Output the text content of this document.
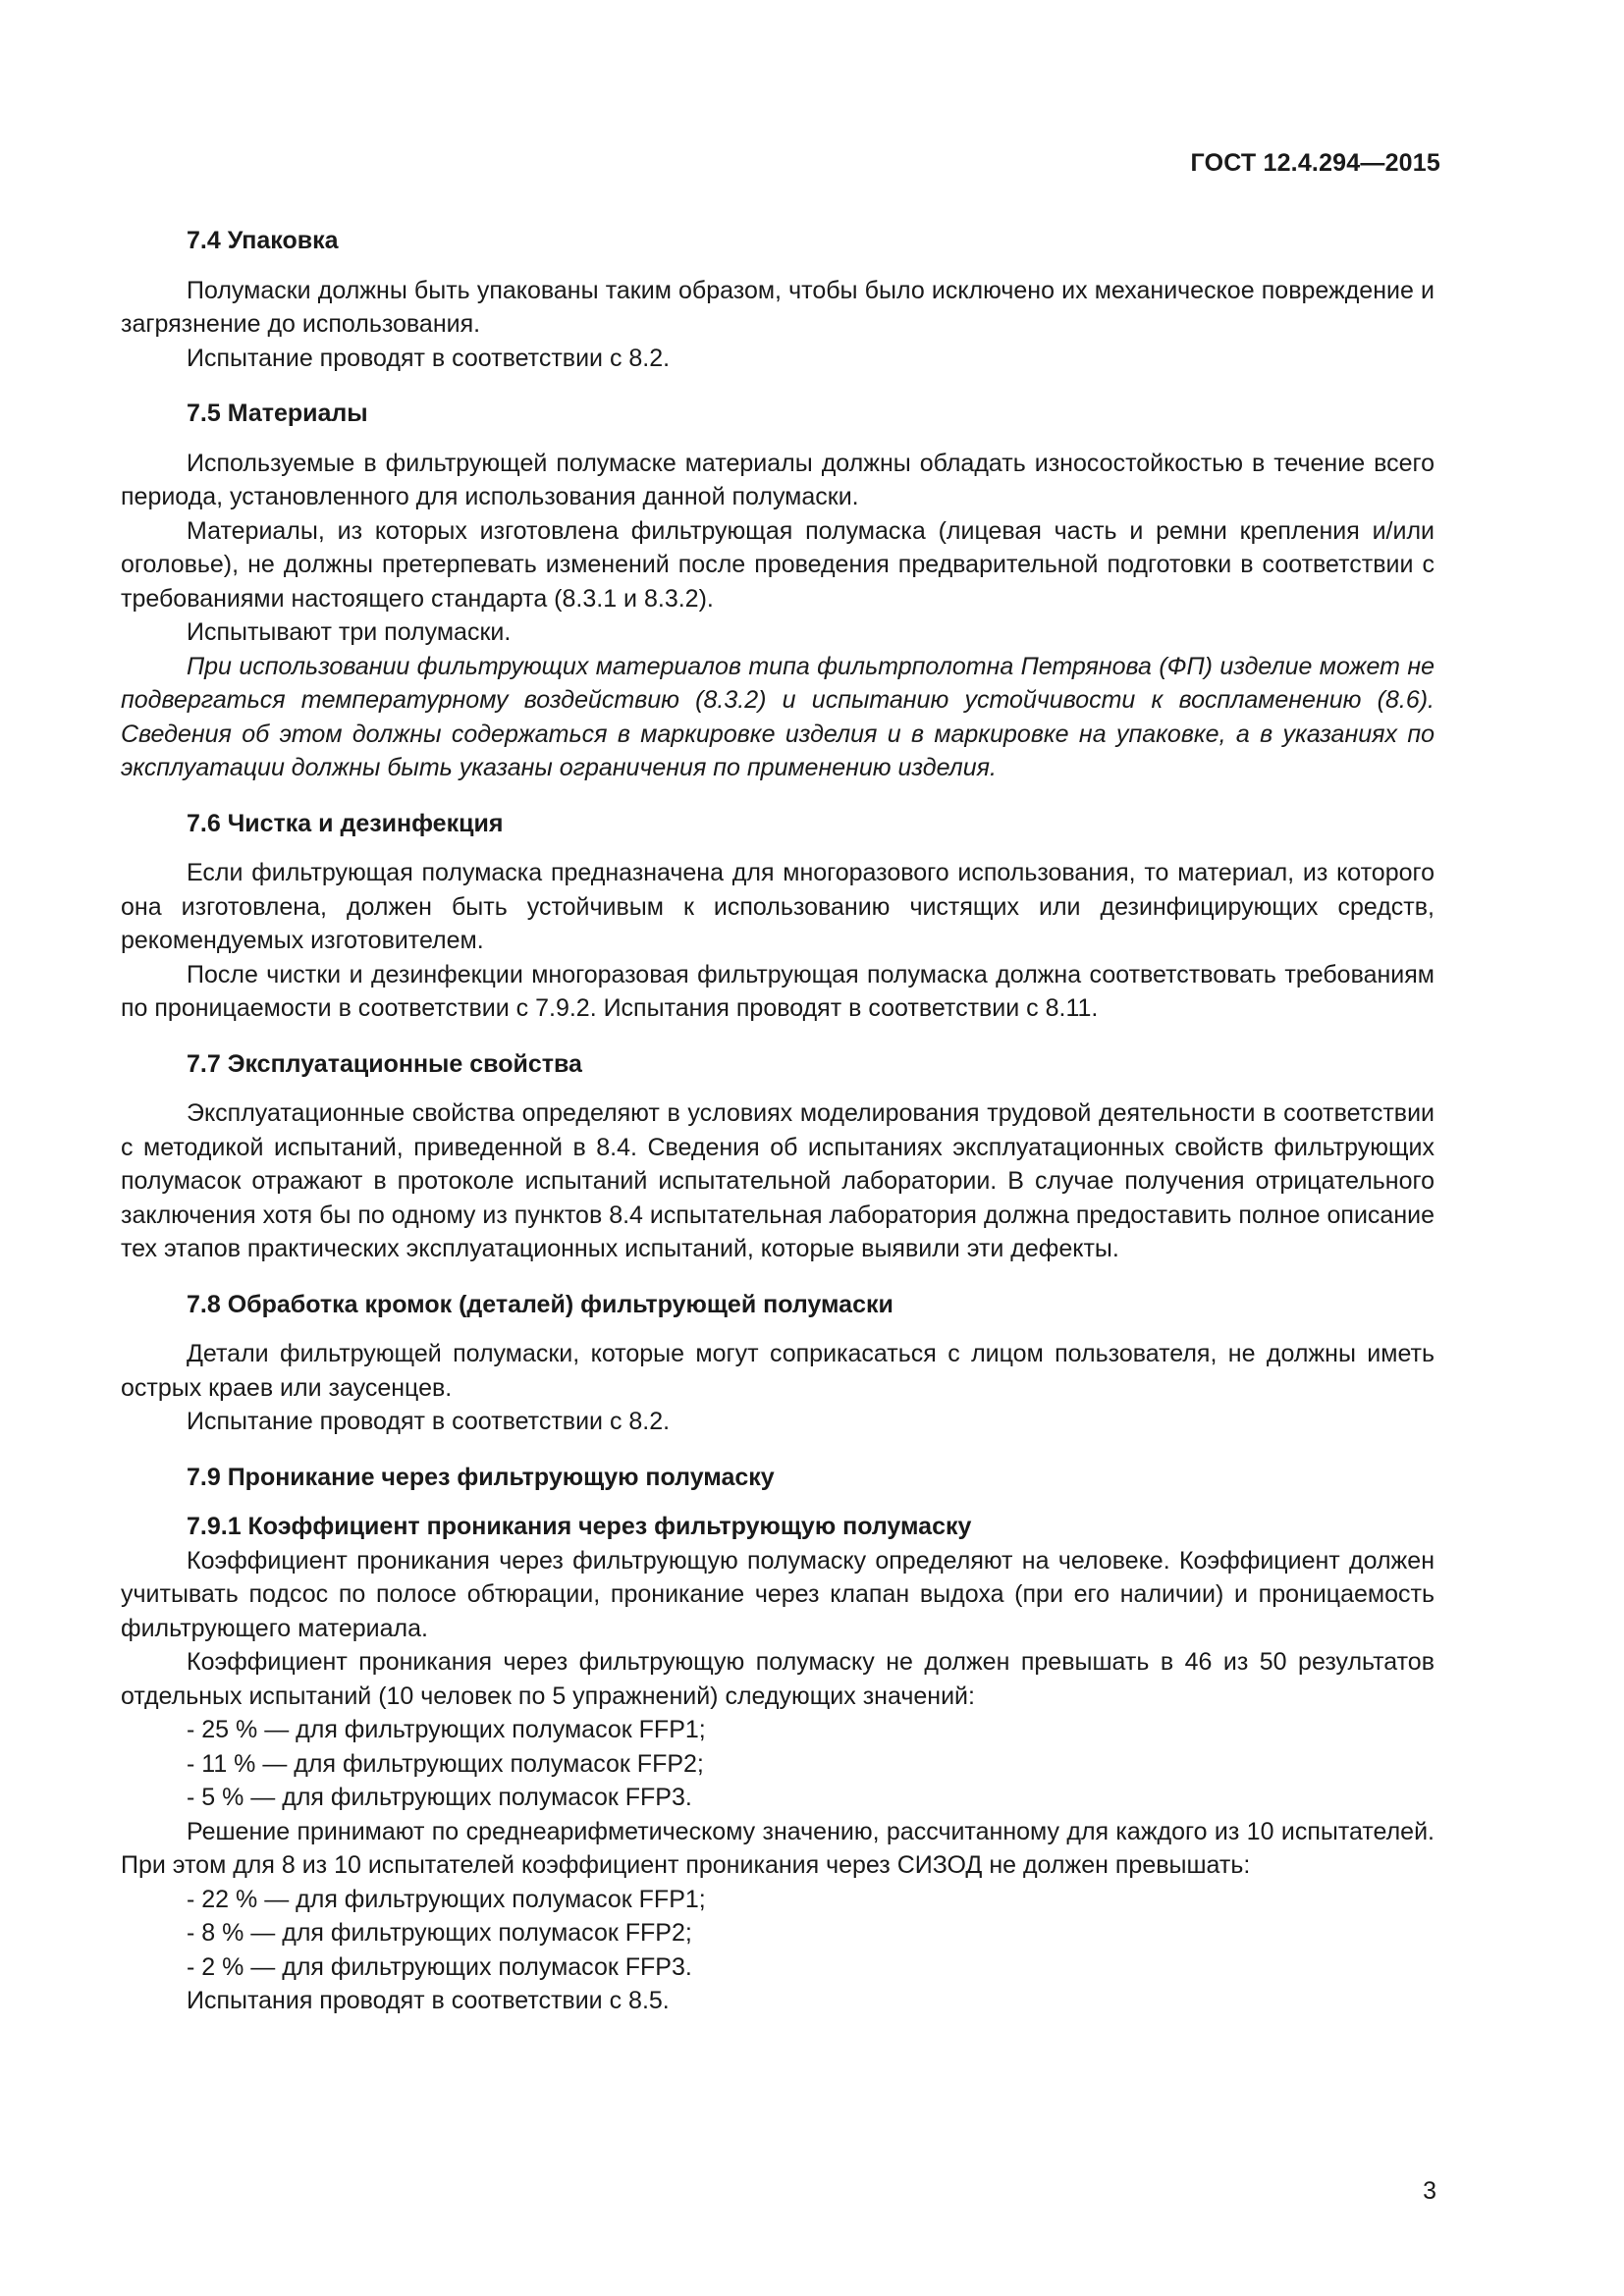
ГОСТ 12.4.294—2015
7.4 Упаковка

Полумаски должны быть упакованы таким образом, чтобы было исключено их механическое повреждение и загрязнение до использования.

Испытание проводят в соответствии с 8.2.

7.5 Материалы

Используемые в фильтрующей полумаске материалы должны обладать износостойкостью в течение всего периода, установленного для использования данной полумаски.

Материалы, из которых изготовлена фильтрующая полумаска (лицевая часть и ремни крепления и/или оголовье), не должны претерпевать изменений после проведения предварительной подготовки в соответствии с требованиями настоящего стандарта (8.3.1 и 8.3.2).

Испытывают три полумаски.

При использовании фильтрующих материалов типа фильтрполотна Петрянова (ФП) изделие может не подвергаться температурному воздействию (8.3.2) и испытанию устойчивости к воспламенению (8.6). Сведения об этом должны содержаться в маркировке изделия и в маркировке на упаковке, а в указаниях по эксплуатации должны быть указаны ограничения по применению изделия.

7.6 Чистка и дезинфекция

Если фильтрующая полумаска предназначена для многоразового использования, то материал, из которого она изготовлена, должен быть устойчивым к использованию чистящих или дезинфицирующих средств, рекомендуемых изготовителем.

После чистки и дезинфекции многоразовая фильтрующая полумаска должна соответствовать требованиям по проницаемости в соответствии с 7.9.2. Испытания проводят в соответствии с 8.11.

7.7 Эксплуатационные свойства

Эксплуатационные свойства определяют в условиях моделирования трудовой деятельности в соответствии с методикой испытаний, приведенной в 8.4. Сведения об испытаниях эксплуатационных свойств фильтрующих полумасок отражают в протоколе испытаний испытательной лаборатории. В случае получения отрицательного заключения хотя бы по одному из пунктов 8.4 испытательная лаборатория должна предоставить полное описание тех этапов практических эксплуатационных испытаний, которые выявили эти дефекты.

7.8 Обработка кромок (деталей) фильтрующей полумаски

Детали фильтрующей полумаски, которые могут соприкасаться с лицом пользователя, не должны иметь острых краев или заусенцев.

Испытание проводят в соответствии с 8.2.

7.9 Проникание через фильтрующую полумаску
7.9.1 Коэффициент проникания через фильтрующую полумаску

Коэффициент проникания через фильтрующую полумаску определяют на человеке. Коэффициент должен учитывать подсос по полосе обтюрации, проникание через клапан выдоха (при его наличии) и проницаемость фильтрующего материала.

Коэффициент проникания через фильтрующую полумаску не должен превышать в 46 из 50 результатов отдельных испытаний (10 человек по 5 упражнений) следующих значений:

- 25 % — для фильтрующих полумасок FFP1;
- 11 % — для фильтрующих полумасок FFP2;
- 5 % — для фильтрующих полумасок FFP3.

Решение принимают по среднеарифметическому значению, рассчитанному для каждого из 10 испытателей. При этом для 8 из 10 испытателей коэффициент проникания через СИЗОД не должен превышать:

- 22 % — для фильтрующих полумасок FFP1;
- 8 % — для фильтрующих полумасок FFP2;
- 2 % — для фильтрующих полумасок FFP3.

Испытания проводят в соответствии с 8.5.

3
